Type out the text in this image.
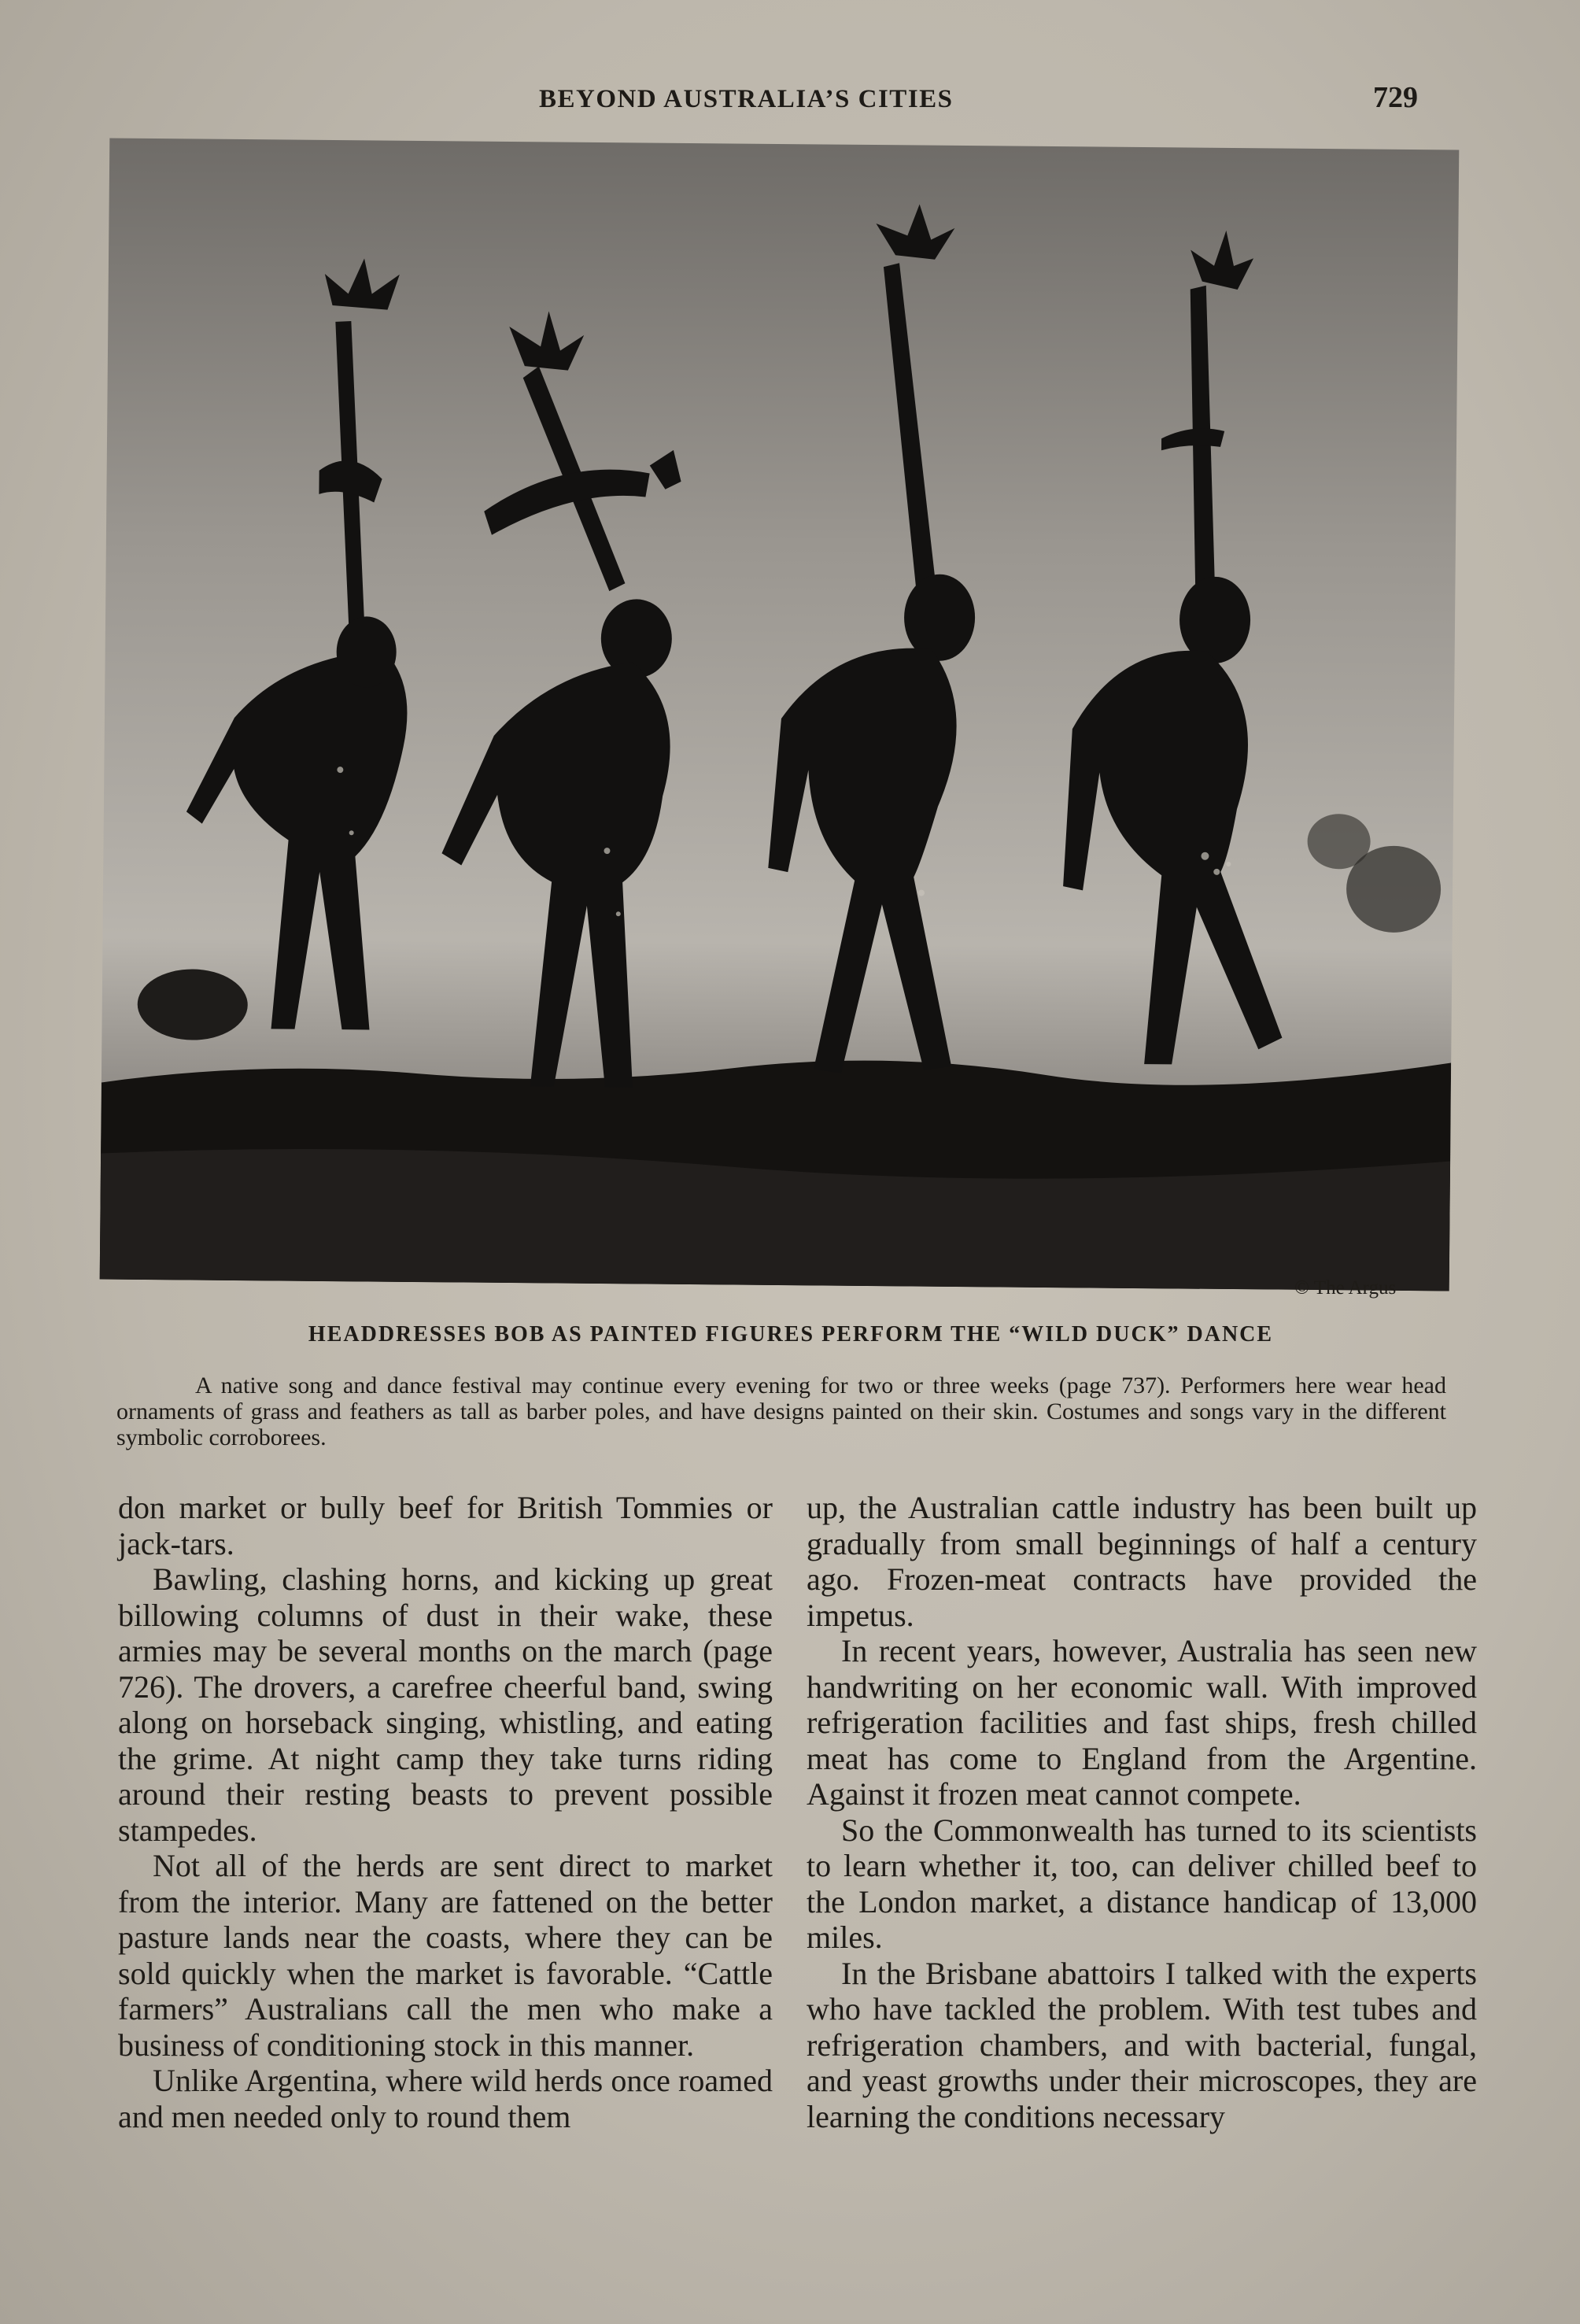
BEYOND AUSTRALIA’S CITIES	729
© The Argus
HEADDRESSES BOB AS PAINTED FIGURES PERFORM THE “WILD DUCK” DANCE
A native song and dance festival may continue every evening for two or three weeks (page 737). Performers here wear head ornaments of grass and feathers as tall as barber poles, and have designs painted on their skin. Costumes and songs vary in the different symbolic corroborees.

don market or bully beef for British Tommies or jack-tars.

Bawling, clashing horns, and kicking up great billowing columns of dust in their wake, these armies may be several months on the march (page 726). The drovers, a carefree cheerful band, swing along on horseback singing, whistling, and eating the grime. At night camp they take turns riding around their resting beasts to prevent possible stampedes.

Not all of the herds are sent direct to market from the interior. Many are fattened on the better pasture lands near the coasts, where they can be sold quickly when the market is favorable. “Cattle farmers” Australians call the men who make a business of conditioning stock in this manner.

Unlike Argentina, where wild herds once roamed and men needed only to round them

up, the Australian cattle industry has been built up gradually from small beginnings of half a century ago. Frozen-meat contracts have provided the impetus.

In recent years, however, Australia has seen new handwriting on her economic wall. With improved refrigeration facilities and fast ships, fresh chilled meat has come to England from the Argentine. Against it frozen meat cannot compete.

So the Commonwealth has turned to its scientists to learn whether it, too, can deliver chilled beef to the London market, a distance handicap of 13,000 miles.

In the Brisbane abattoirs I talked with the experts who have tackled the problem. With test tubes and refrigeration chambers, and with bacterial, fungal, and yeast growths under their microscopes, they are learning the conditions necessary
